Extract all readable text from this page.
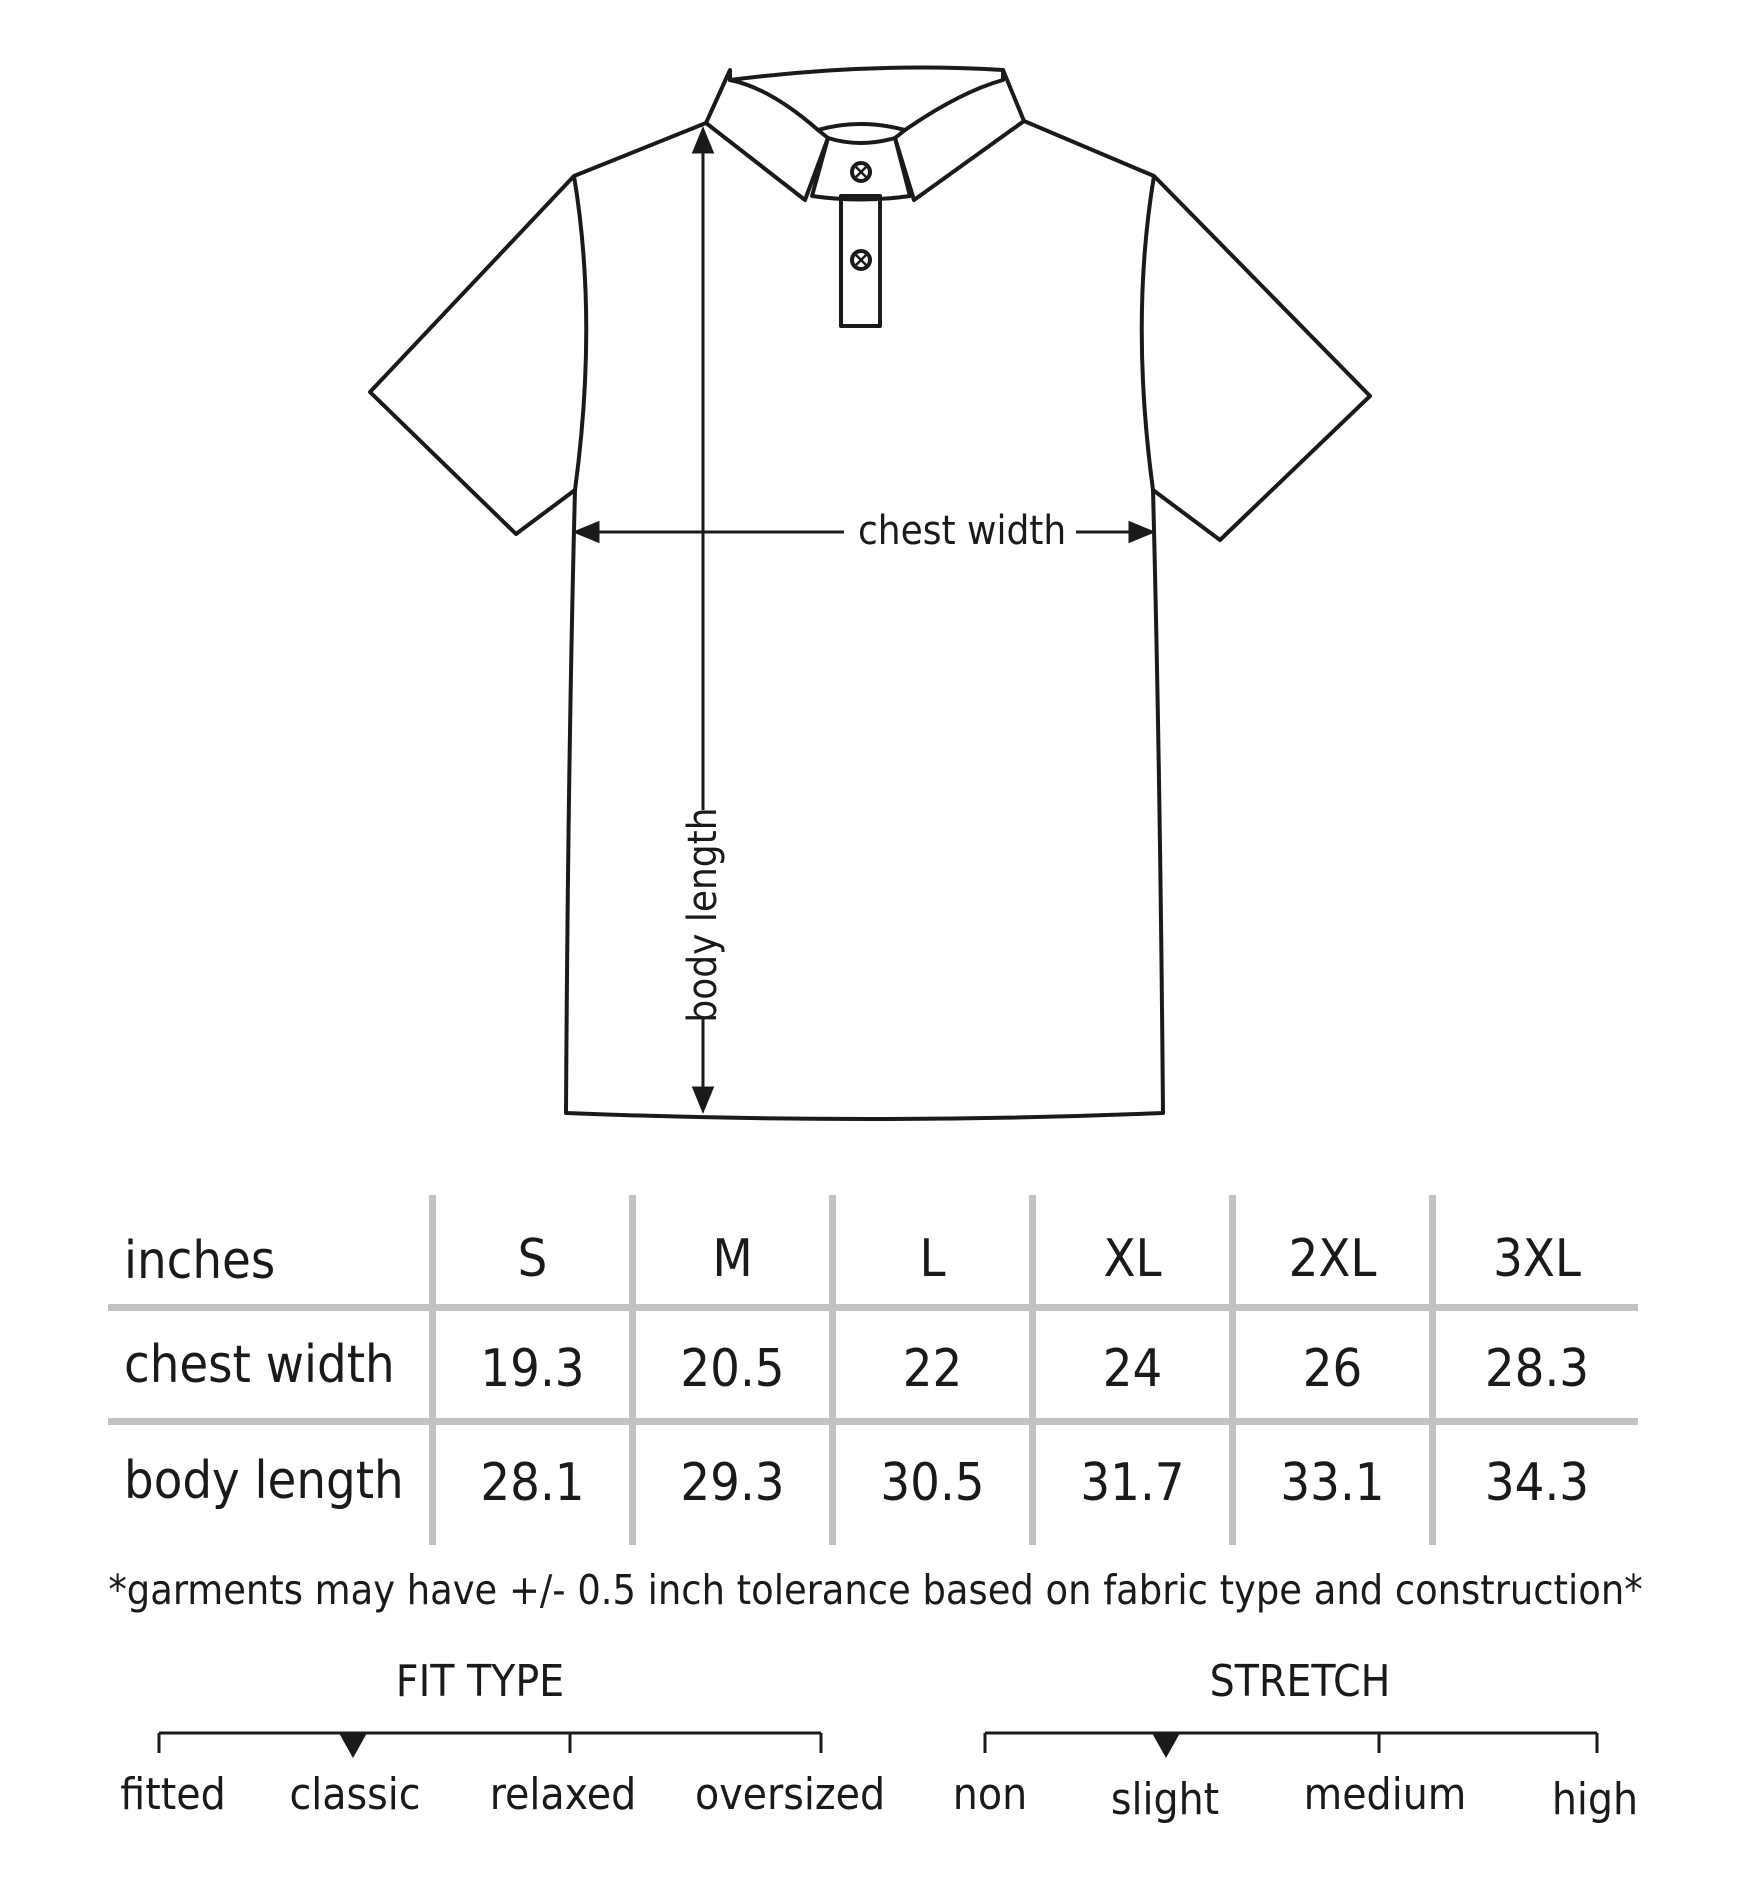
chest width
body length
inches	S	M	L	XL	2XL	3XL
chest width	19.3	20.5	22	24	26	28.3
body length	28.1	29.3	30.5	31.7	33.1	34.3
*garments may have +/- 0.5 inch tolerance based on fabric type and construction*
FIT TYPE
fitted classic relaxed oversized
STRETCH
non slight medium high
